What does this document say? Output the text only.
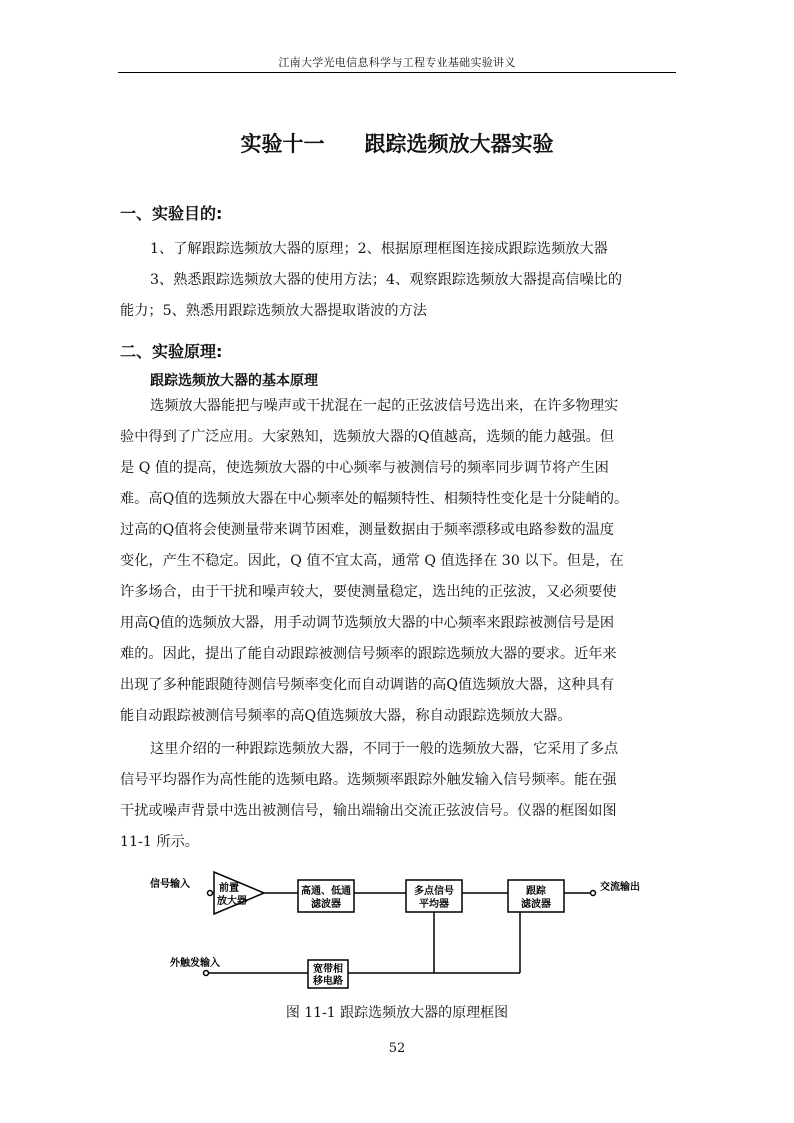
江南大学光电信息科学与工程专业基础实验讲义
实验十一 跟踪选频放大器实验
一、实验目的:
1、了解跟踪选频放大器的原理；2、根据原理框图连接成跟踪选频放大器
3、熟悉跟踪选频放大器的使用方法；4、观察跟踪选频放大器提高信噪比的
能力；5、熟悉用跟踪选频放大器提取谐波的方法
二、实验原理:
跟踪选频放大器的基本原理
选频放大器能把与噪声或干扰混在一起的正弦波信号选出来，在许多物理实
验中得到了广泛应用。大家熟知，选频放大器的Q值越高，选频的能力越强。但
是 Q 值的提高，使选频放大器的中心频率与被测信号的频率同步调节将产生困
难。高Q值的选频放大器在中心频率处的幅频特性、相频特性变化是十分陡峭的。
过高的Q值将会使测量带来调节困难，测量数据由于频率漂移或电路参数的温度
变化，产生不稳定。因此，Q 值不宜太高，通常 Q 值选择在 30 以下。但是，在
许多场合，由于干扰和噪声较大，要使测量稳定，选出纯的正弦波，又必须要使
用高Q值的选频放大器，用手动调节选频放大器的中心频率来跟踪被测信号是困
难的。因此，提出了能自动跟踪被测信号频率的跟踪选频放大器的要求。近年来
出现了多种能跟随待测信号频率变化而自动调谐的高Q值选频放大器，这种具有
能自动跟踪被测信号频率的高Q值选频放大器，称自动跟踪选频放大器。
这里介绍的一种跟踪选频放大器，不同于一般的选频放大器，它采用了多点
信号平均器作为高性能的选频电路。选频频率跟踪外触发输入信号频率。能在强
干扰或噪声背景中选出被测信号，输出端输出交流正弦波信号。仪器的框图如图
11-1 所示。
信号输入	前置
放大器
高通、低通
滤波器
多点信号
平均器
跟踪
滤波器
交流输出
外触发输入
宽带相
移电路
图 11-1 跟踪选频放大器的原理框图
52
